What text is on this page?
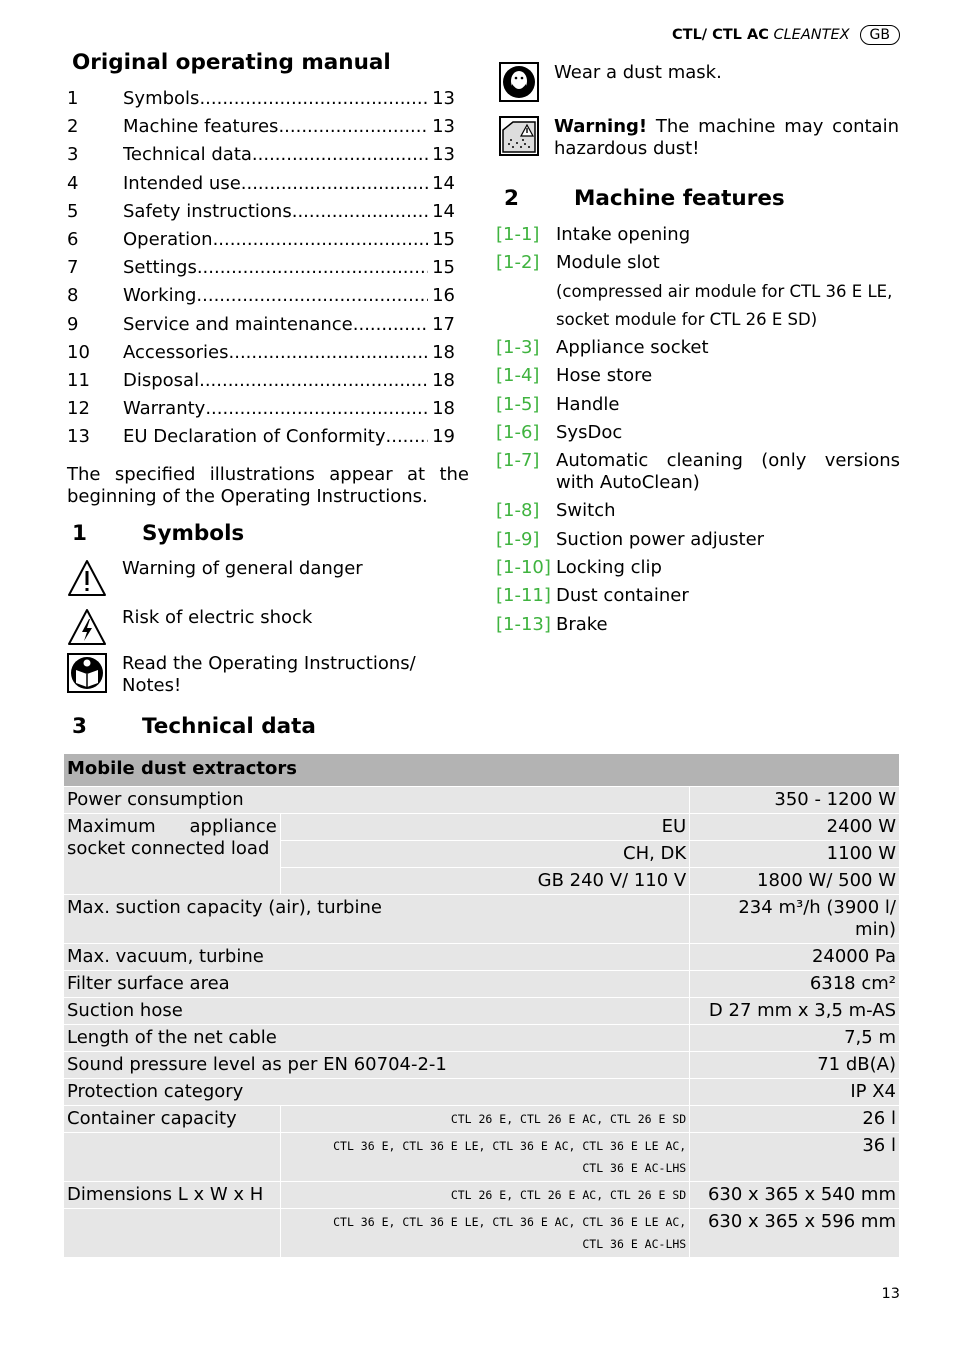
CTL/ CTL AC
CLEANTEX	GB
Original operating manual
1	Symbols .....	13
2	Machine features .....	13
3	Technical data .....	13
4	Intended use .....	14
5	Safety instructions .....	14
6	Operation .....	15
7	Settings .....	15
8	Working .....	16
9	Service and maintenance .....	17
10	Accessories .....	18
11	Disposal .....	18
12	Warranty .....	18
13	EU Declaration of Conformity .....	19
The specified illustrations appear at the beginning of the Operating Instructions.
1	Symbols
Warning of general danger
Risk of electric shock
Read the Operating Instructions/ Notes!
Wear a dust mask.
Warning! The machine may contain hazardous dust!
2	Machine features
[1-1] Intake opening
[1-2] Module slot
(compressed air module for CTL 36 E LE,
socket module for CTL 26 E SD)
[1-3] Appliance socket
[1-4] Hose store
[1-5] Handle
[1-6] SysDoc
[1-7] Automatic cleaning (only versions with AutoClean)
[1-8] Switch
[1-9] Suction power adjuster
[1-10] Locking clip
[1-11] Dust container
[1-13] Brake
3	Technical data
Mobile dust extractors		
Power consumption		350 - 1200 W
Maximum appliance socket connected load	EU	2400 W
	CH, DK	1100 W
	GB 240 V/ 110 V	1800 W/ 500 W
Max. suction capacity (air), turbine		234 m³/h (3900 l/ min)
Max. vacuum, turbine		24000 Pa
Filter surface area		6318 cm²
Suction hose		D 27 mm x 3,5 m-AS
Length of the net cable		7,5 m
Sound pressure level as per EN 60704-2-1		71 dB(A)
Protection category		IP X4
Container capacity	CTL 26 E, CTL 26 E AC, CTL 26 E SD	26 l

	CTL 36 E, CTL 36 E LE, CTL 36 E AC, CTL 36 E LE AC,
CTL 36 E AC-LHS	36 l
Dimensions L x W x H	CTL 26 E, CTL 26 E AC, CTL 26 E SD	630 x 365 x 540 mm

	CTL 36 E, CTL 36 E LE, CTL 36 E AC, CTL 36 E LE AC,
CTL 36 E AC-LHS	630 x 365 x 596 mm
13
